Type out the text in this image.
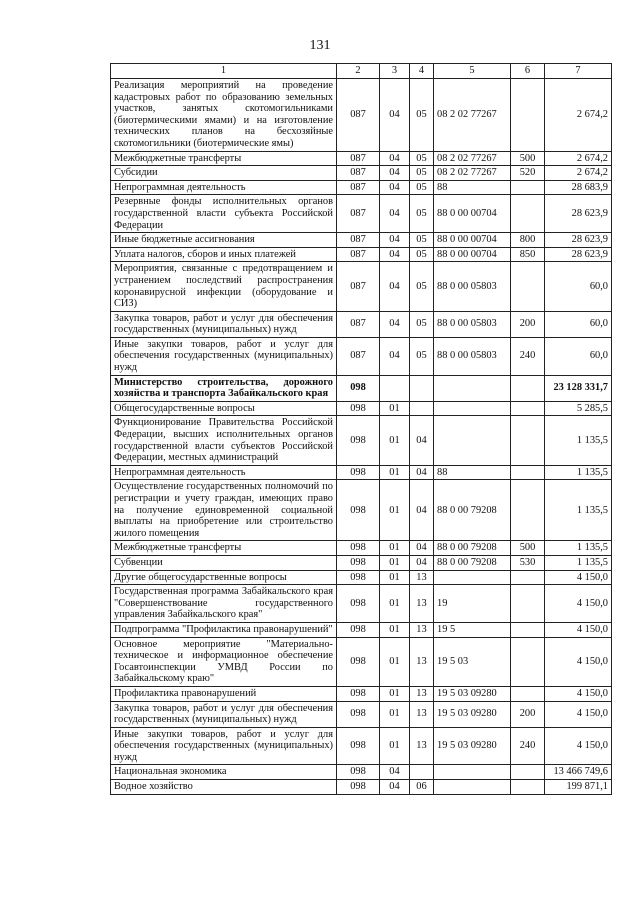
131
1	2	3	4	5	6	7
Реализация мероприятий на проведение кадастровых работ по образованию земельных участков, занятых скотомогильниками (биотермическими ямами) и на изготовление технических планов на бесхозяйные скотомогильники (биотермические ямы)	087	04	05	08 2 02 77267		2 674,2
Межбюджетные трансферты	087	04	05	08 2 02 77267	500	2 674,2
Субсидии	087	04	05	08 2 02 77267	520	2 674,2
Непрограммная деятельность	087	04	05	88		28 683,9
Резервные фонды исполнительных органов государственной власти субъекта Российской Федерации	087	04	05	88 0 00 00704		28 623,9
Иные бюджетные ассигнования	087	04	05	88 0 00 00704	800	28 623,9
Уплата налогов, сборов и иных платежей	087	04	05	88 0 00 00704	850	28 623,9
Мероприятия, связанные с предотвращением и устранением последствий распространения коронавирусной инфекции (оборудование и СИЗ)	087	04	05	88 0 00 05803		60,0
Закупка товаров, работ и услуг для обеспечения государственных (муниципальных) нужд	087	04	05	88 0 00 05803	200	60,0
Иные закупки товаров, работ и услуг для обеспечения государственных (муниципальных) нужд	087	04	05	88 0 00 05803	240	60,0
Министерство строительства, дорожного хозяйства и транспорта Забайкальского края	098					23 128 331,7
Общегосударственные вопросы	098	01				5 285,5
Функционирование Правительства Российской Федерации, высших исполнительных органов государственной власти субъектов Российской Федерации, местных администраций	098	01	04			1 135,5
Непрограммная деятельность	098	01	04	88		1 135,5
Осуществление государственных полномочий по регистрации и учету граждан, имеющих право на получение единовременной социальной выплаты на приобретение или строительство жилого помещения	098	01	04	88 0 00 79208		1 135,5
Межбюджетные трансферты	098	01	04	88 0 00 79208	500	1 135,5
Субвенции	098	01	04	88 0 00 79208	530	1 135,5
Другие общегосударственные вопросы	098	01	13			4 150,0
Государственная программа Забайкальского края "Совершенствование государственного управления Забайкальского края"	098	01	13	19		4 150,0
Подпрограмма "Профилактика правонарушений"	098	01	13	19 5		4 150,0
Основное мероприятие "Материально-техническое и информационное обеспечение Госавтоинспекции УМВД России по Забайкальскому краю"	098	01	13	19 5 03		4 150,0
Профилактика правонарушений	098	01	13	19 5 03 09280		4 150,0
Закупка товаров, работ и услуг для обеспечения государственных (муниципальных) нужд	098	01	13	19 5 03 09280	200	4 150,0
Иные закупки товаров, работ и услуг для обеспечения государственных (муниципальных) нужд	098	01	13	19 5 03 09280	240	4 150,0
Национальная экономика	098	04				13 466 749,6
Водное хозяйство	098	04	06			199 871,1
